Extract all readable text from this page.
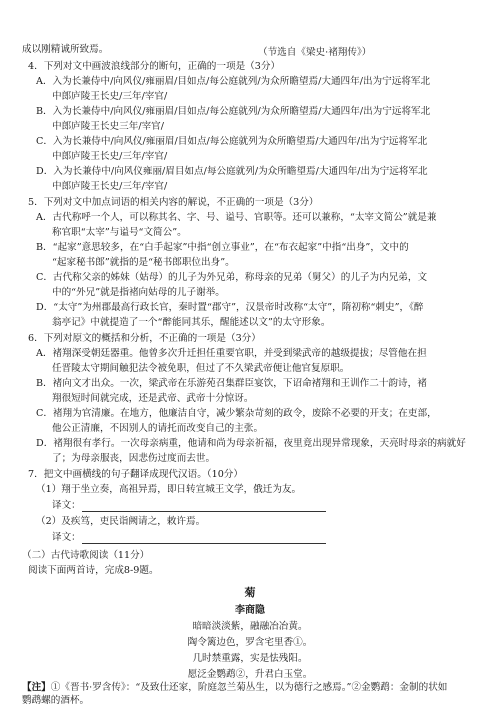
成以刚精诚所致焉。	（节选自《梁史·褚翔传》）
4．下列对文中画波浪线部分的断句，正确的一项是（3分）
A．入为长兼侍中/向风仪/雍丽眉/目如点/每公庭就列/为众所瞻望焉/大通四年/出为宁远将军北
中郎庐陵王长史/三年/宰官/
B．入为长兼侍中/向风仪/雍丽眉/目如点/每公庭就列/为众所瞻望焉/大通四年/出为宁远将军北
中郎庐陵王长史三年/宰官/
C．入为长兼侍中/向风仪/雍丽眉/目如点/每公庭就列为众所瞻望焉/大通四年/出为宁远将军北
中郎庐陵王长史/三年/宰官/
D．入为长兼侍中/向风仪雍丽/眉目如点/每公庭就列/为众所瞻望焉/大通四年/出为宁远将军北
中郎庐陵王长史/三年/宰官/
5．下列对文中加点词语的相关内容的解说，不正确的一项是（3分）
A．古代称呼一个人，可以称其名、字、号、谥号、官职等。还可以兼称，“太宰文简公”就是兼
称官职“太宰”与谥号“文简公”。
B．“起家”意思较多，在“白手起家”中指“创立事业”，在“布衣起家”中指“出身”，文中的
“起家秘书郎”就指的是“秘书郎职位出身”。
C．古代称父亲的姊妹（姑母）的儿子为外兄弟，称母亲的兄弟（舅父）的儿子为内兄弟，文
中的“外兄”就是指褚向姑母的儿子谢举。
D．“太守”为州郡最高行政长官，秦时置“郡守”，汉景帝时改称“太守”，隋初称“刺史”，《醉
翁亭记》中就提造了一个“醉能同其乐，醒能述以文”的太守形象。
6．下列对原文的概括和分析，不正确的一项是（3分）
A．褚翔深受朝廷器重。他曾多次升迁担任重要官职，并受到梁武帝的越级提拔；尽管他在担
任晋陵太守期间触犯法令被免职，但过了不久梁武帝便让他官复原职。
B．褚向文才出众。一次，梁武帝在乐游苑召集群臣宴饮，下诏命褚翔和王训作二十韵诗，褚
翔很短时间就完成，还是武帝、武帝十分惊讶。
C．褚翔为官清廉。在地方，他廉洁自守，减少繁杂苛刻的政令，废除不必要的开支；在吏部，
他公正清廉，不因别人的请托而改变自己的主张。
D．褚翔很有孝行。一次母亲病重，他请和尚为母亲祈福，夜里竟出现异常现象，天亮时母亲的病就好
了；为母亲服丧，因悲伤过度而去世。
7．把文中画横线的句子翻译成现代汉语。（10分）
（1）翔于坐立奏，高祖异焉，即日转宣城王文学，俄迁为友。
译文：
（2）及疾笃，吏民诣阙请之，敕许焉。
译文：
（二）古代诗歌阅读（11分）
阅读下面两首诗，完成8-9题。
菊
李商隐
暗暗淡淡紫，融融冶冶黄。
陶令篱边色，罗含宅里香①。
几时禁重露，实是怯残阳。
愿泛金鹦鹉②，升君白玉堂。
【注】①《晋书·罗含传》：“及致仕还家，阶庭忽兰菊丛生，以为德行之感焉。”②金鹦鹉：金制的状如
鹦鹉螺的酒杯。
